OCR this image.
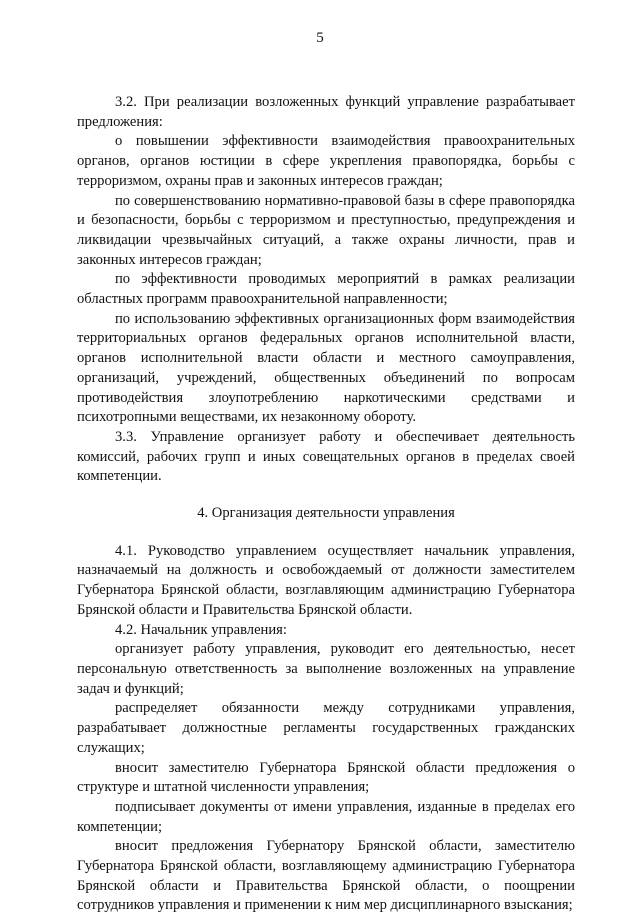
5

3.2. При реализации возложенных функций управление разрабатывает предложения:

о повышении эффективности взаимодействия правоохранительных органов, органов юстиции в сфере укрепления правопорядка, борьбы с терроризмом, охраны прав и законных интересов граждан;

по совершенствованию нормативно-правовой базы в сфере правопорядка и безопасности, борьбы с терроризмом и преступностью, предупреждения и ликвидации чрезвычайных ситуаций, а также охраны личности, прав и законных интересов граждан;

по эффективности проводимых мероприятий в рамках реализации областных программ правоохранительной направленности;

по использованию эффективных организационных форм взаимодействия территориальных органов федеральных органов исполнительной власти, органов исполнительной власти области и местного самоуправления, организаций, учреждений, общественных объединений по вопросам противодействия злоупотреблению наркотическими средствами и психотропными веществами, их незаконному обороту.

3.3. Управление организует работу и обеспечивает деятельность комиссий, рабочих групп и иных совещательных органов в пределах своей компетенции.

4. Организация деятельности управления

4.1. Руководство управлением осуществляет начальник управления, назначаемый на должность и освобождаемый от должности заместителем Губернатора Брянской области, возглавляющим администрацию Губернатора Брянской области и Правительства Брянской области.

4.2. Начальник управления:

организует работу управления, руководит его деятельностью, несет персональную ответственность за выполнение возложенных на управление задач и функций;

распределяет обязанности между сотрудниками управления, разрабатывает должностные регламенты государственных гражданских служащих;

вносит заместителю Губернатора Брянской области предложения о структуре и штатной численности управления;

подписывает документы от имени управления, изданные в пределах его компетенции;

вносит предложения Губернатору Брянской области, заместителю Губернатора Брянской области, возглавляющему администрацию Губернатора Брянской области и Правительства Брянской области, о поощрении сотрудников управления и применении к ним мер дисциплинарного взыскания;
